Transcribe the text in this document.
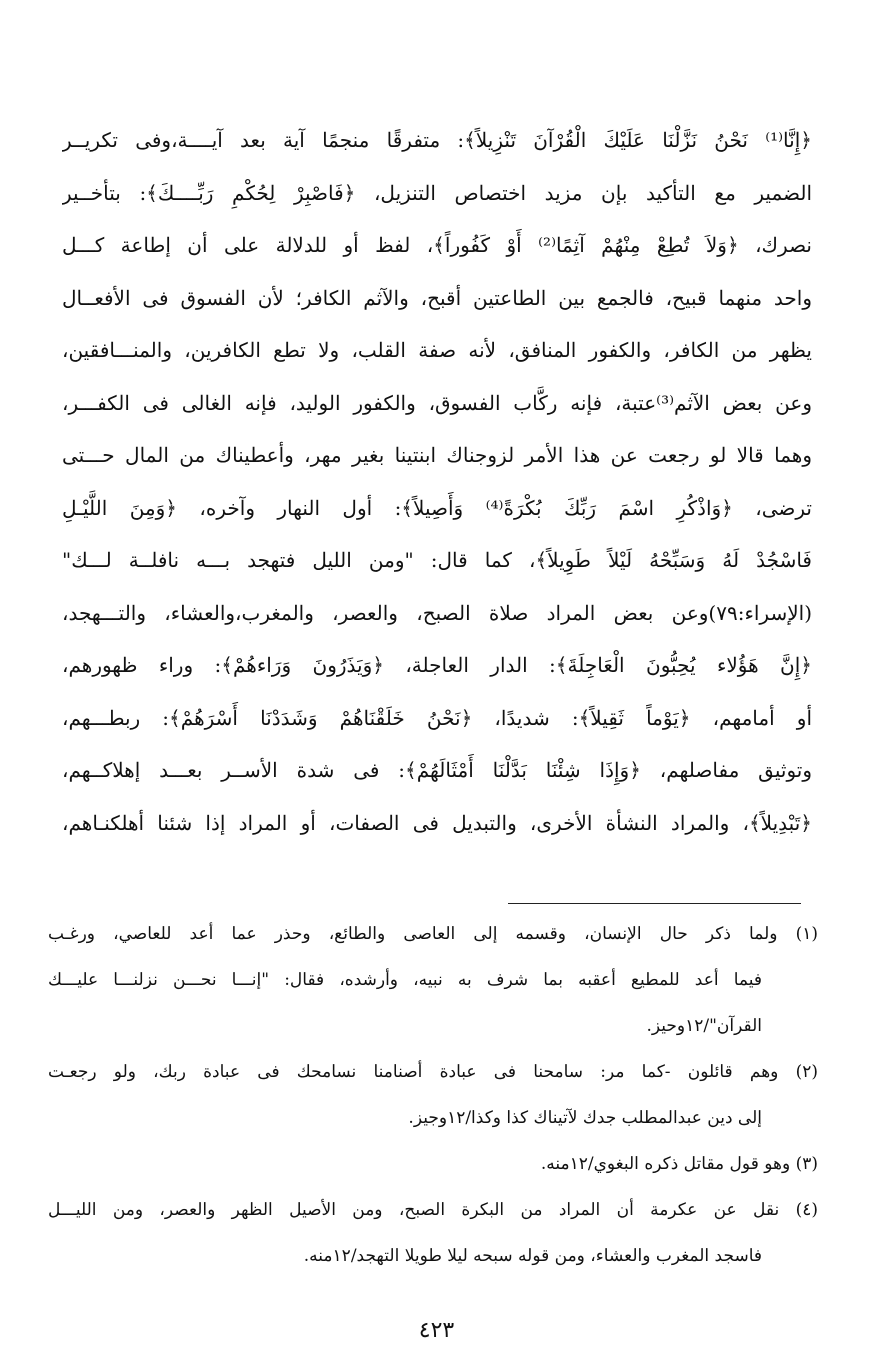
﴿إِنَّا⁽¹⁾ نَحْنُ نَزَّلْنَا عَلَيْكَ الْقُرْآنَ تَنْزِيلاً﴾: متفرقًا منجمًا آية بعد آيــــة،وفى تكريــر
الضمير مع التأكيد بإن مزيد اختصاص التنزيل، ﴿فَاصْبِرْ لِحُكْمِ رَبِّــــكَ﴾: بتأخــير
نصرك، ﴿وَلاَ تُطِعْ مِنْهُمْ آثِمًا⁽²⁾ أَوْ كَفُوراً﴾، لفظ أو للدلالة على أن إطاعة كـــل
واحد منهما قبيح، فالجمع بين الطاعتين أقبح، والآثم الكافر؛ لأن الفسوق فى الأفعــال
يظهر من الكافر، والكفور المنافق، لأنه صفة القلب، ولا تطع الكافرين، والمنـــافقين،
وعن بعض الآثم⁽³⁾عتبة، فإنه ركَّاب الفسوق، والكفور الوليد، فإنه الغالى فى الكفـــر،
وهما قالا لو رجعت عن هذا الأمر لزوجناك ابنتينا بغير مهر، وأعطيناك من المال حـــتى
ترضى، ﴿وَاذْكُرِ اسْمَ رَبِّكَ بُكْرَةً⁽⁴⁾ وَأَصِيلاً﴾: أول النهار وآخره، ﴿وَمِنَ اللَّيْـلِ
فَاسْجُدْ لَهُ وَسَبِّحْهُ لَيْلاً طَوِيلاً﴾، كما قال: "ومن الليل فتهجد بـــه نافلــة لـــك"
(الإسراء:٧٩)وعن بعض المراد صلاة الصبح، والعصر، والمغرب،والعشاء، والتـــهجد،
﴿إِنَّ هَؤُلاء يُحِبُّونَ الْعَاجِلَةَ﴾: الدار العاجلة، ﴿وَيَذَرُونَ وَرَاءهُمْ﴾: وراء ظهورهم،
أو أمامهم، ﴿يَوْماً ثَقِيلاً﴾: شديدًا، ﴿نَحْنُ خَلَقْنَاهُمْ وَشَدَدْنَا أَسْرَهُمْ﴾: ربطـــهم،
وتوثيق مفاصلهم، ﴿وَإِذَا شِئْنَا بَدَّلْنَا أَمْثَالَهُمْ﴾: فى شدة الأســر بعـــد إهلاكــهم،
﴿تَبْدِيلاً﴾، والمراد النشأة الأخرى، والتبديل فى الصفات، أو المراد إذا شئنا أهلكنـاهم،
(١) ولما ذكر حال الإنسان، وقسمه إلى العاصى والطائع، وحذر عما أعد للعاصي، ورغـب
فيما أعد للمطيع أعقبه بما شرف به نبيه، وأرشده، فقال: "إنـــا نحـــن نزلنـــا عليـــك
القرآن"/١٢وحيز.
(٢) وهم قائلون -كما مر: سامحنا فى عبادة أصنامنا نسامحك فى عبادة ربك، ولو رجعـت
إلى دين عبدالمطلب جدك لآتيناك كذا وكذا/١٢وجيز.
(٣) وهو قول مقاتل ذكره البغوي/١٢منه.
(٤) نقل عن عكرمة أن المراد من البكرة الصبح، ومن الأصيل الظهر والعصر، ومن الليـــل
فاسجد المغرب والعشاء، ومن قوله سبحه ليلا طويلا التهجد/١٢منه.
٤٢٣
